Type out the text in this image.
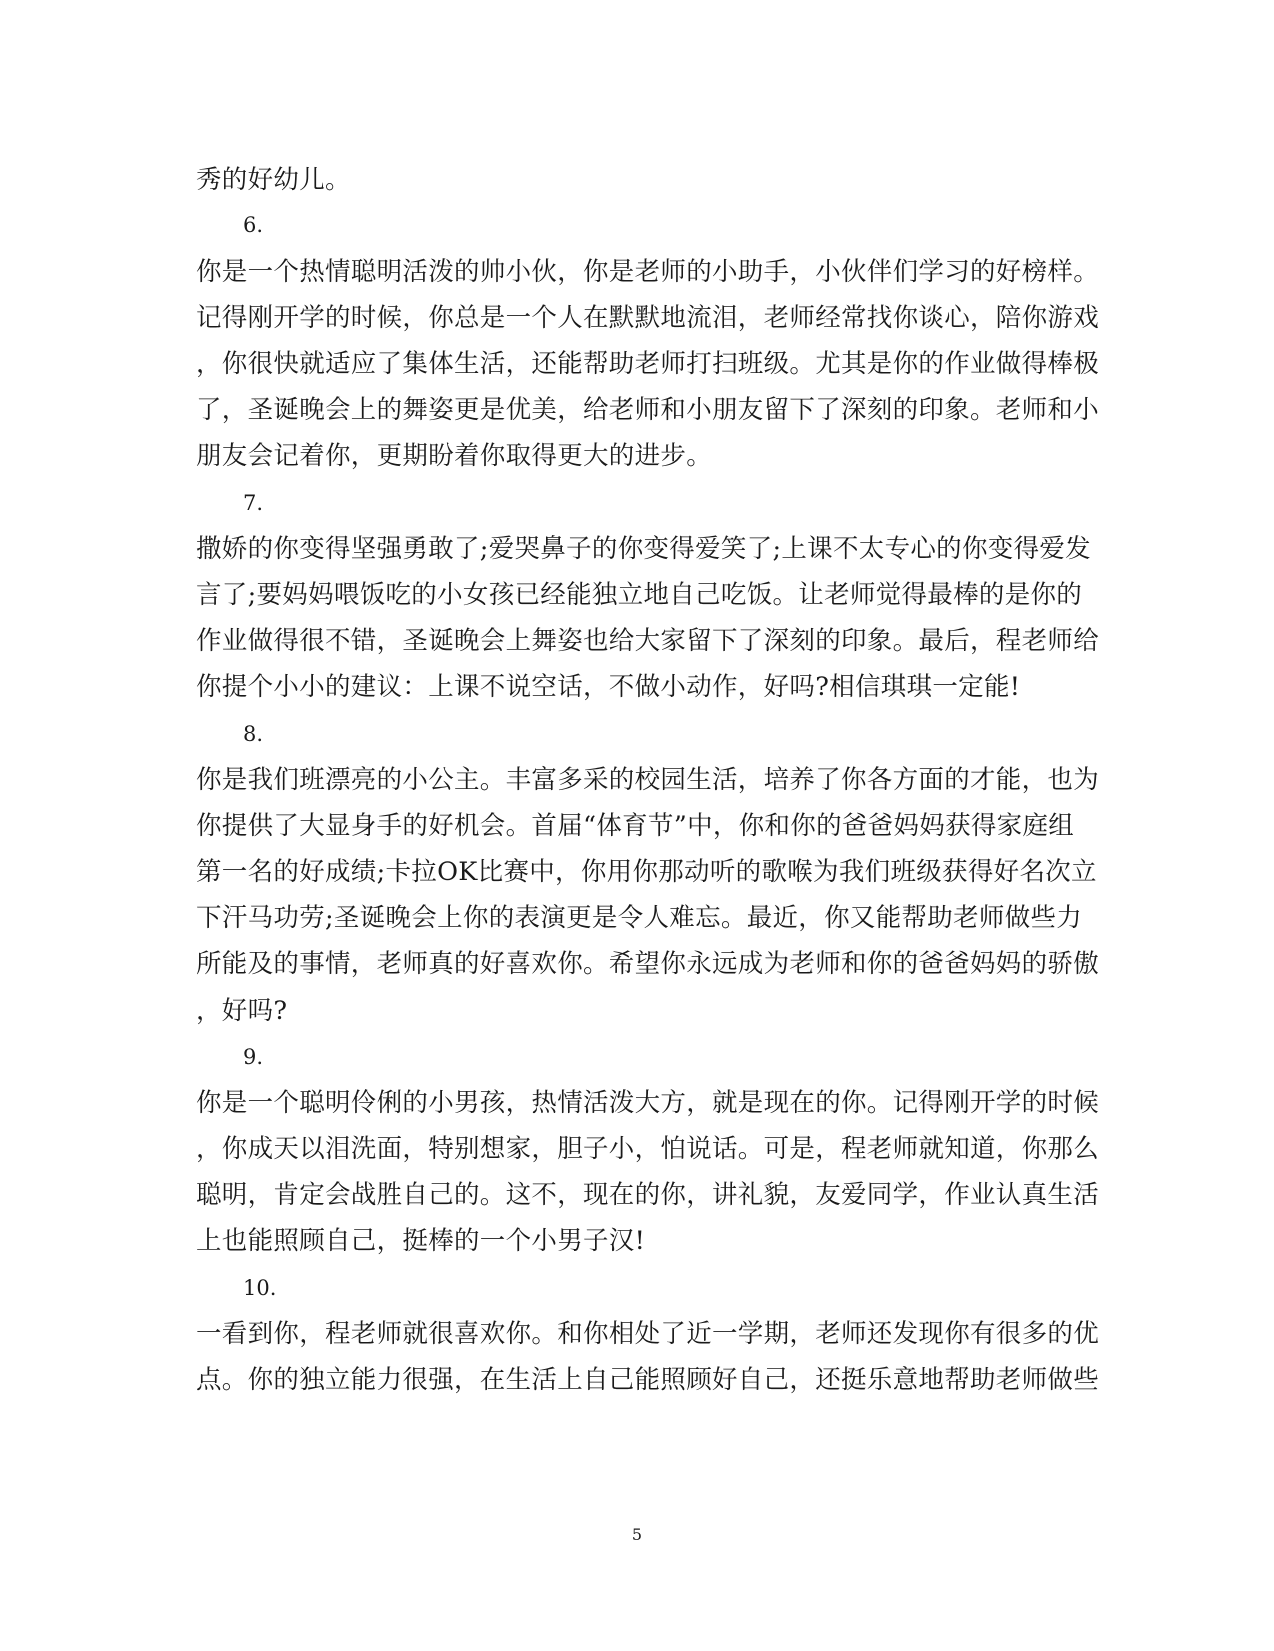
秀的好幼儿。
6.
你是一个热情聪明活泼的帅小伙，你是老师的小助手，小伙伴们学习的好榜样。
记得刚开学的时候，你总是一个人在默默地流泪，老师经常找你谈心，陪你游戏
，你很快就适应了集体生活，还能帮助老师打扫班级。尤其是你的作业做得棒极
了，圣诞晚会上的舞姿更是优美，给老师和小朋友留下了深刻的印象。老师和小
朋友会记着你，更期盼着你取得更大的进步。
7.
撒娇的你变得坚强勇敢了;爱哭鼻子的你变得爱笑了;上课不太专心的你变得爱发
言了;要妈妈喂饭吃的小女孩已经能独立地自己吃饭。让老师觉得最棒的是你的
作业做得很不错，圣诞晚会上舞姿也给大家留下了深刻的印象。最后，程老师给
你提个小小的建议：上课不说空话，不做小动作，好吗?相信琪琪一定能!
8.
你是我们班漂亮的小公主。丰富多采的校园生活，培养了你各方面的才能，也为
你提供了大显身手的好机会。首届“体育节”中，你和你的爸爸妈妈获得家庭组
第一名的好成绩;卡拉OK比赛中，你用你那动听的歌喉为我们班级获得好名次立
下汗马功劳;圣诞晚会上你的表演更是令人难忘。最近，你又能帮助老师做些力
所能及的事情，老师真的好喜欢你。希望你永远成为老师和你的爸爸妈妈的骄傲
，好吗?
9.
你是一个聪明伶俐的小男孩，热情活泼大方，就是现在的你。记得刚开学的时候
，你成天以泪洗面，特别想家，胆子小，怕说话。可是，程老师就知道，你那么
聪明，肯定会战胜自己的。这不，现在的你，讲礼貌，友爱同学，作业认真生活
上也能照顾自己，挺棒的一个小男子汉!
10.
一看到你，程老师就很喜欢你。和你相处了近一学期，老师还发现你有很多的优
点。你的独立能力很强，在生活上自己能照顾好自己，还挺乐意地帮助老师做些
5
